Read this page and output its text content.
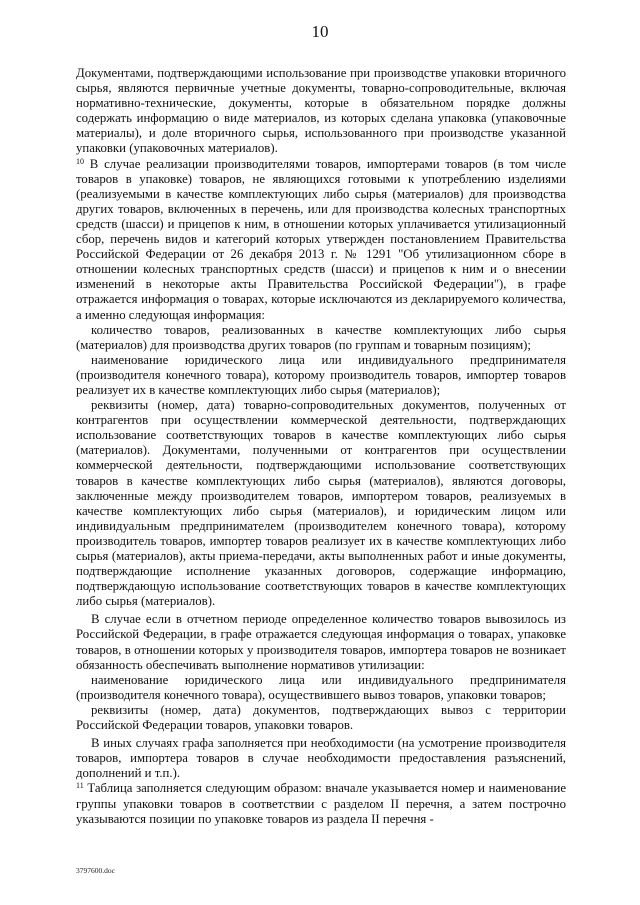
10

Документами, подтверждающими использование при производстве упаковки вторичного сырья, являются первичные учетные документы, товарно-сопроводительные, включая нормативно-технические, документы, которые в обязательном порядке должны содержать информацию о виде материалов, из которых сделана упаковка (упаковочные материалы), и доле вторичного сырья, использованного при производстве указанной упаковки (упаковочных материалов).

$^{10}$ В случае реализации производителями товаров, импортерами товаров (в том числе товаров в упаковке) товаров, не являющихся готовыми к употреблению изделиями (реализуемыми в качестве комплектующих либо сырья (материалов) для производства других товаров, включенных в перечень, или для производства колесных транспортных средств (шасси) и прицепов к ним, в отношении которых уплачивается утилизационный сбор, перечень видов и категорий которых утвержден постановлением Правительства Российской Федерации от 26 декабря 2013 г. № 1291 "Об утилизационном сборе в отношении колесных транспортных средств (шасси) и прицепов к ним и о внесении изменений в некоторые акты Правительства Российской Федерации"), в графе отражается информация о товарах, которые исключаются из декларируемого количества, а именно следующая информация:

количество товаров, реализованных в качестве комплектующих либо сырья (материалов) для производства других товаров (по группам и товарным позициям);

наименование юридического лица или индивидуального предпринимателя (производителя конечного товара), которому производитель товаров, импортер товаров реализует их в качестве комплектующих либо сырья (материалов);

реквизиты (номер, дата) товарно-сопроводительных документов, полученных от контрагентов при осуществлении коммерческой деятельности, подтверждающих использование соответствующих товаров в качестве комплектующих либо сырья (материалов). Документами, полученными от контрагентов при осуществлении коммерческой деятельности, подтверждающими использование соответствующих товаров в качестве комплектующих либо сырья (материалов), являются договоры, заключенные между производителем товаров, импортером товаров, реализуемых в качестве комплектующих либо сырья (материалов), и юридическим лицом или индивидуальным предпринимателем (производителем конечного товара), которому производитель товаров, импортер товаров реализует их в качестве комплектующих либо сырья (материалов), акты приема-передачи, акты выполненных работ и иные документы, подтверждающие исполнение указанных договоров, содержащие информацию, подтверждающую использование соответствующих товаров в качестве комплектующих либо сырья (материалов).

В случае если в отчетном периоде определенное количество товаров вывозилось из Российской Федерации, в графе отражается следующая информация о товарах, упаковке товаров, в отношении которых у производителя товаров, импортера товаров не возникает обязанность обеспечивать выполнение нормативов утилизации:

наименование юридического лица или индивидуального предпринимателя (производителя конечного товара), осуществившего вывоз товаров, упаковки товаров;

реквизиты (номер, дата) документов, подтверждающих вывоз с территории Российской Федерации товаров, упаковки товаров.

В иных случаях графа заполняется при необходимости (на усмотрение производителя товаров, импортера товаров в случае необходимости предоставления разъяснений, дополнений и т.п.).

$^{11}$ Таблица заполняется следующим образом: вначале указывается номер и наименование группы упаковки товаров в соответствии с разделом II перечня, а затем построчно указываются позиции по упаковке товаров из раздела II перечня -

3797600.doc
